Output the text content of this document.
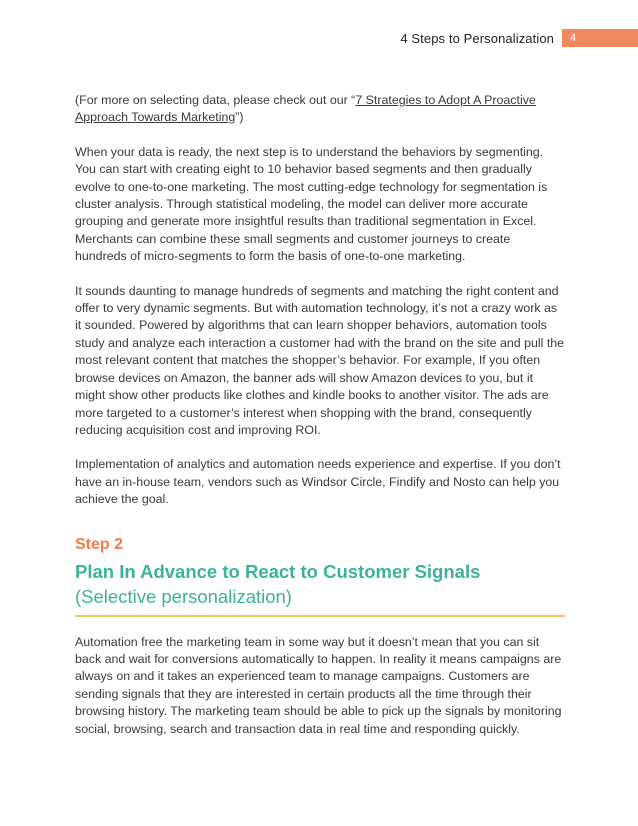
4 Steps to Personalization	4

(For more on selecting data, please check out our “7 Strategies to Adopt A Proactive Approach Towards Marketing”)

When your data is ready, the next step is to understand the behaviors by segmenting. You can start with creating eight to 10 behavior based segments and then gradually evolve to one-to-one marketing. The most cutting-edge technology for segmentation is cluster analysis. Through statistical modeling, the model can deliver more accurate grouping and generate more insightful results than traditional segmentation in Excel. Merchants can combine these small segments and customer journeys to create hundreds of micro-segments to form the basis of one-to-one marketing.

It sounds daunting to manage hundreds of segments and matching the right content and offer to very dynamic segments. But with automation technology, it’s not a crazy work as it sounded. Powered by algorithms that can learn shopper behaviors, automation tools study and analyze each interaction a customer had with the brand on the site and pull the most relevant content that matches the shopper’s behavior. For example, If you often browse devices on Amazon, the banner ads will show Amazon devices to you, but it might show other products like clothes and kindle books to another visitor. The ads are more targeted to a customer’s interest when shopping with the brand, consequently reducing acquisition cost and improving ROI.

Implementation of analytics and automation needs experience and expertise. If you don’t have an in-house team, vendors such as Windsor Circle, Findify and Nosto can help you achieve the goal.

Step 2
Plan In Advance to React to Customer Signals
(Selective personalization)

Automation free the marketing team in some way but it doesn’t mean that you can sit back and wait for conversions automatically to happen. In reality it means campaigns are always on and it takes an experienced team to manage campaigns. Customers are sending signals that they are interested in certain products all the time through their browsing history. The marketing team should be able to pick up the signals by monitoring social, browsing, search and transaction data in real time and responding quickly.
